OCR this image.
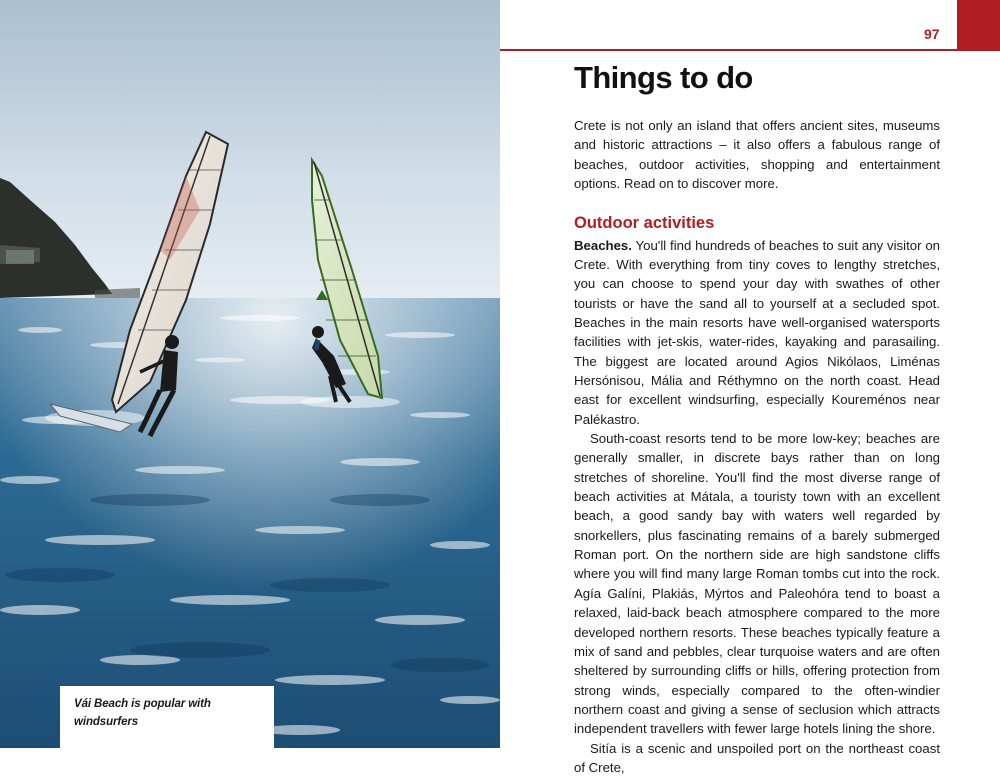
Vái Beach is popular with windsurfers
97
Things to do

Crete is not only an island that offers ancient sites, museums and historic attractions – it also offers a fabulous range of beaches, outdoor activities, shopping and entertainment options. Read on to discover more.

Outdoor activities

Beaches. You'll find hundreds of beaches to suit any visitor on Crete. With everything from tiny coves to lengthy stretches, you can choose to spend your day with swathes of other tourists or have the sand all to yourself at a secluded spot. Beaches in the main resorts have well-organised watersports facilities with jet-skis, water-rides, kayaking and parasailing. The biggest are located around Agios Nikólaos, Liménas Hersónisou, Mália and Réthymno on the north coast. Head east for excellent windsurfing, especially Koureménos near Palékastro.

South-coast resorts tend to be more low-key; beaches are generally smaller, in discrete bays rather than on long stretches of shoreline. You'll find the most diverse range of beach activities at Mátala, a touristy town with an excellent beach, a good sandy bay with waters well regarded by snorkellers, plus fascinating remains of a barely submerged Roman port. On the northern side are high sandstone cliffs where you will find many large Roman tombs cut into the rock. Agía Galíni, Plakiás, Mýrtos and Paleohóra tend to boast a relaxed, laid-back beach atmosphere compared to the more developed northern resorts. These beaches typically feature a mix of sand and pebbles, clear turquoise waters and are often sheltered by surrounding cliffs or hills, offering protection from strong winds, especially compared to the often-windier northern coast and giving a sense of seclusion which attracts independent travellers with fewer large hotels lining the shore.

Sitía is a scenic and unspoiled port on the northeast coast of Crete,
